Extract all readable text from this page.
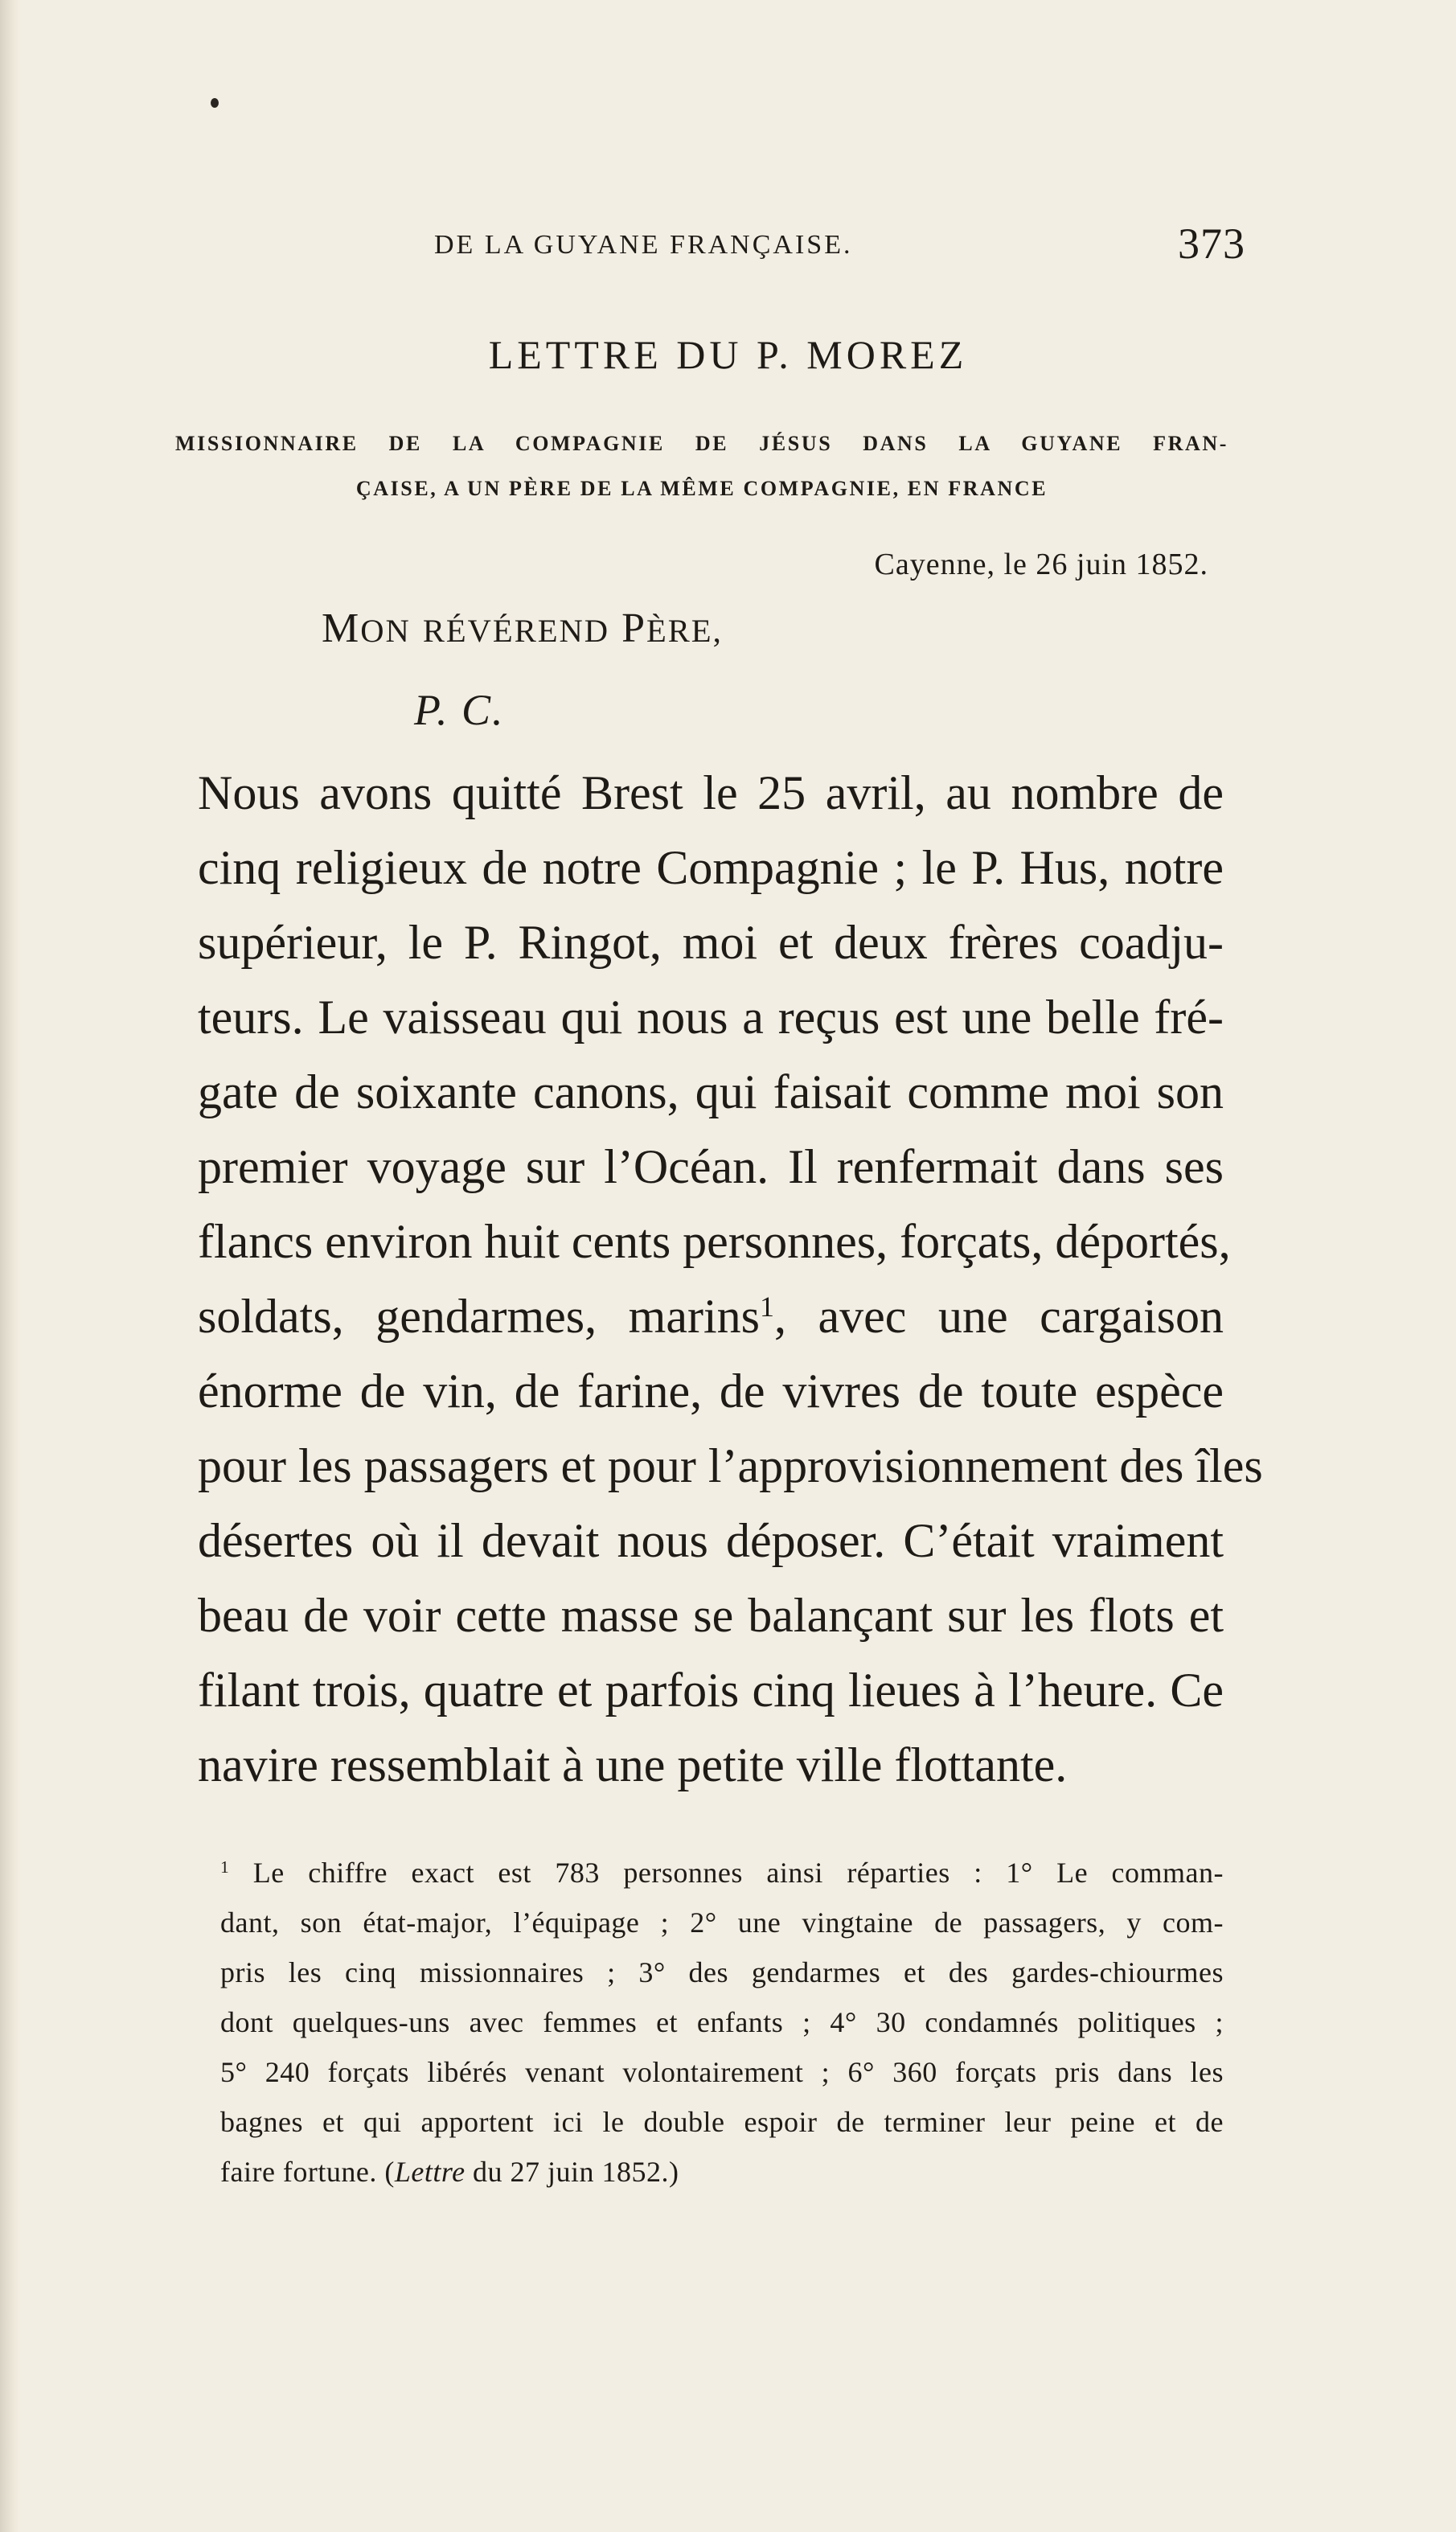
DE LA GUYANE FRANÇAISE.	373
LETTRE DU P. MOREZ
MISSIONNAIRE DE LA COMPAGNIE DE JÉSUS DANS LA GUYANE FRAN-
ÇAISE, A UN PÈRE DE LA MÊME COMPAGNIE, EN FRANCE
Cayenne, le 26 juin 1852.
MON RÉVÉREND PÈRE,
P. C.
Nous avons quitté Brest le 25 avril, au nombre de
cinq religieux de notre Compagnie ; le P. Hus, notre
supérieur, le P. Ringot, moi et deux frères coadju-
teurs. Le vaisseau qui nous a reçus est une belle fré-
gate de soixante canons, qui faisait comme moi son
premier voyage sur l’Océan. Il renfermait dans ses
flancs environ huit cents personnes, forçats, déportés,
soldats, gendarmes, marins$^1$, avec une cargaison
énorme de vin, de farine, de vivres de toute espèce
pour les passagers et pour l’approvisionnement des îles
désertes où il devait nous déposer. C’était vraiment
beau de voir cette masse se balançant sur les flots et
filant trois, quatre et parfois cinq lieues à l’heure. Ce
navire ressemblait à une petite ville flottante.
$^1$ Le chiffre exact est 783 personnes ainsi réparties : 1° Le comman-
dant, son état-major, l’équipage ; 2° une vingtaine de passagers, y com-
pris les cinq missionnaires ; 3° des gendarmes et des gardes-chiourmes
dont quelques-uns avec femmes et enfants ; 4° 30 condamnés politiques ;
5° 240 forçats libérés venant volontairement ; 6° 360 forçats pris dans les
bagnes et qui apportent ici le double espoir de terminer leur peine et de
faire fortune. (Lettre du 27 juin 1852.)
